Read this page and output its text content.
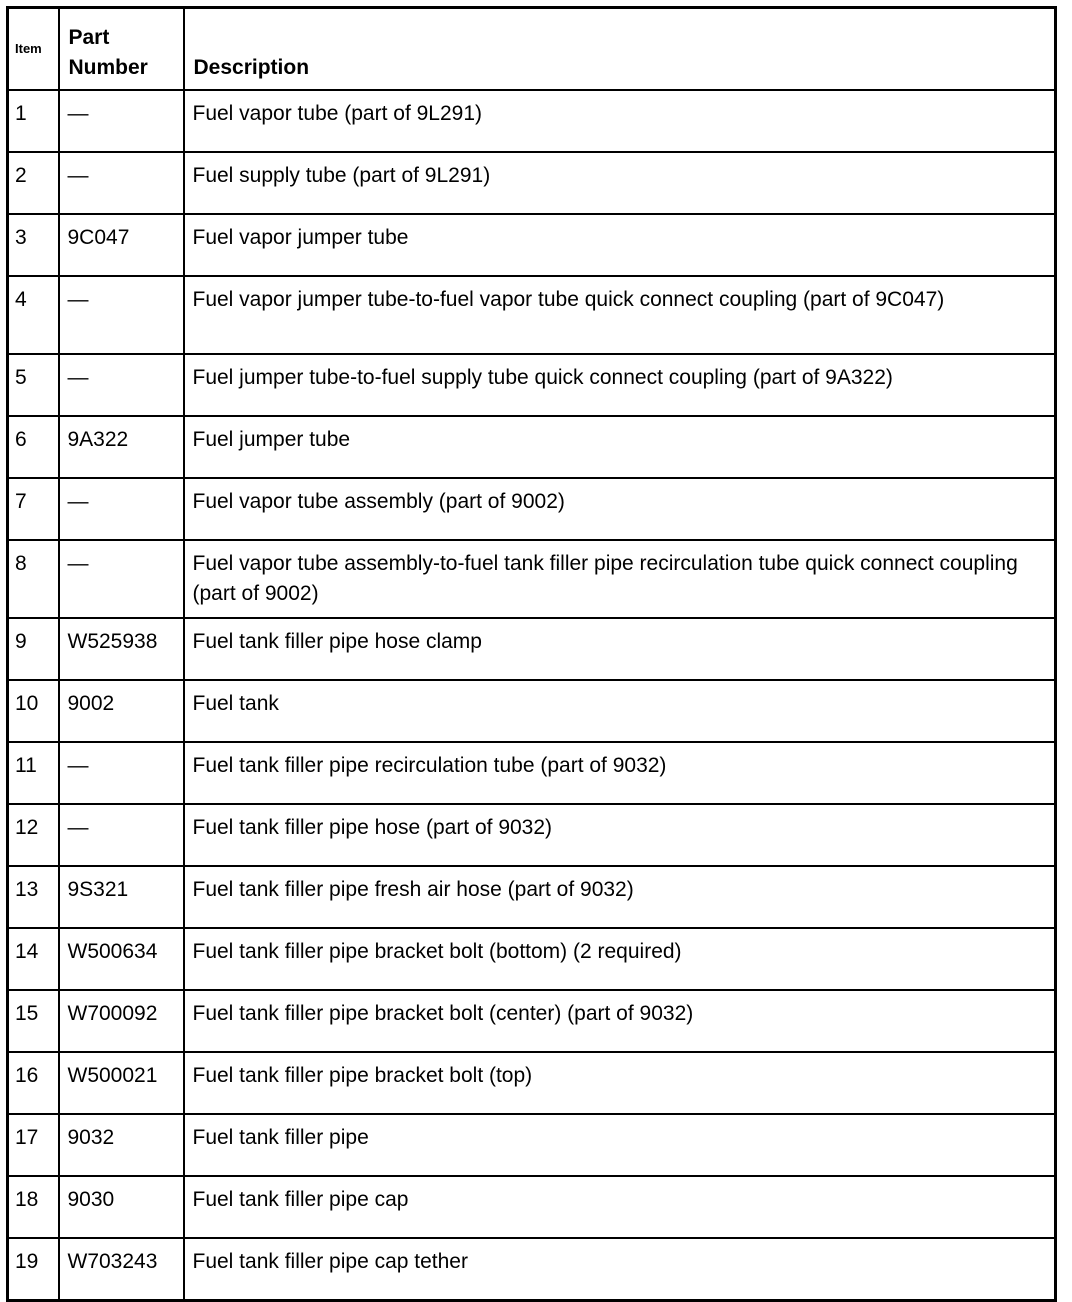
Item	Part Number	Description
1	—	Fuel vapor tube (part of 9L291)
2	—	Fuel supply tube (part of 9L291)
3	9C047	Fuel vapor jumper tube
4	—	Fuel vapor jumper tube-to-fuel vapor tube quick connect coupling (part of 9C047)
5	—	Fuel jumper tube-to-fuel supply tube quick connect coupling (part of 9A322)
6	9A322	Fuel jumper tube
7	—	Fuel vapor tube assembly (part of 9002)
8	—	Fuel vapor tube assembly-to-fuel tank filler pipe recirculation tube quick connect coupling (part of 9002)
9	W525938	Fuel tank filler pipe hose clamp
10	9002	Fuel tank
11	—	Fuel tank filler pipe recirculation tube (part of 9032)
12	—	Fuel tank filler pipe hose (part of 9032)
13	9S321	Fuel tank filler pipe fresh air hose (part of 9032)
14	W500634	Fuel tank filler pipe bracket bolt (bottom) (2 required)
15	W700092	Fuel tank filler pipe bracket bolt (center) (part of 9032)
16	W500021	Fuel tank filler pipe bracket bolt (top)
17	9032	Fuel tank filler pipe
18	9030	Fuel tank filler pipe cap
19	W703243	Fuel tank filler pipe cap tether
